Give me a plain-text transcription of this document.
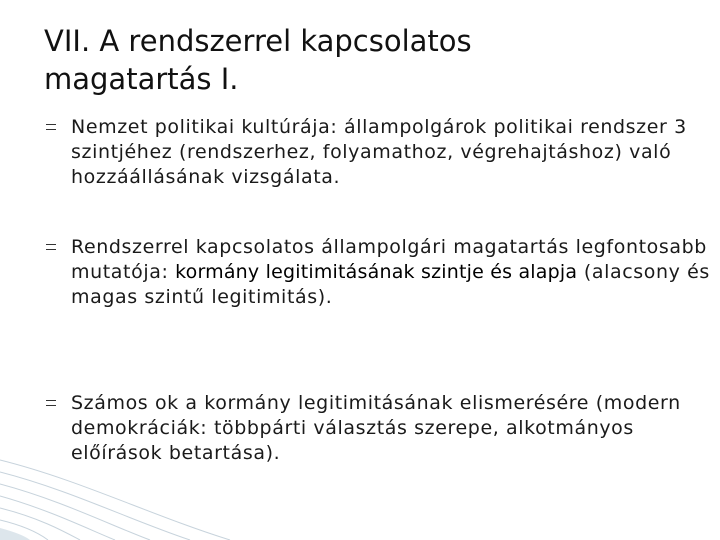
VII. A rendszerrel kapcsolatos
magatartás I.

Nemzet politikai kultúrája: állampolgárok politikai rendszer 3 szintjéhez (rendszerhez, folyamathoz, végrehajtáshoz) való hozzáállásának vizsgálata.

Rendszerrel kapcsolatos állampolgári magatartás legfontosabb mutatója: kormány legitimitásának szintje és alapja (alacsony és magas szintű legitimitás).

Számos ok a kormány legitimitásának elismerésére (modern demokráciák: többpárti választás szerepe, alkotmányos előírások betartása).
